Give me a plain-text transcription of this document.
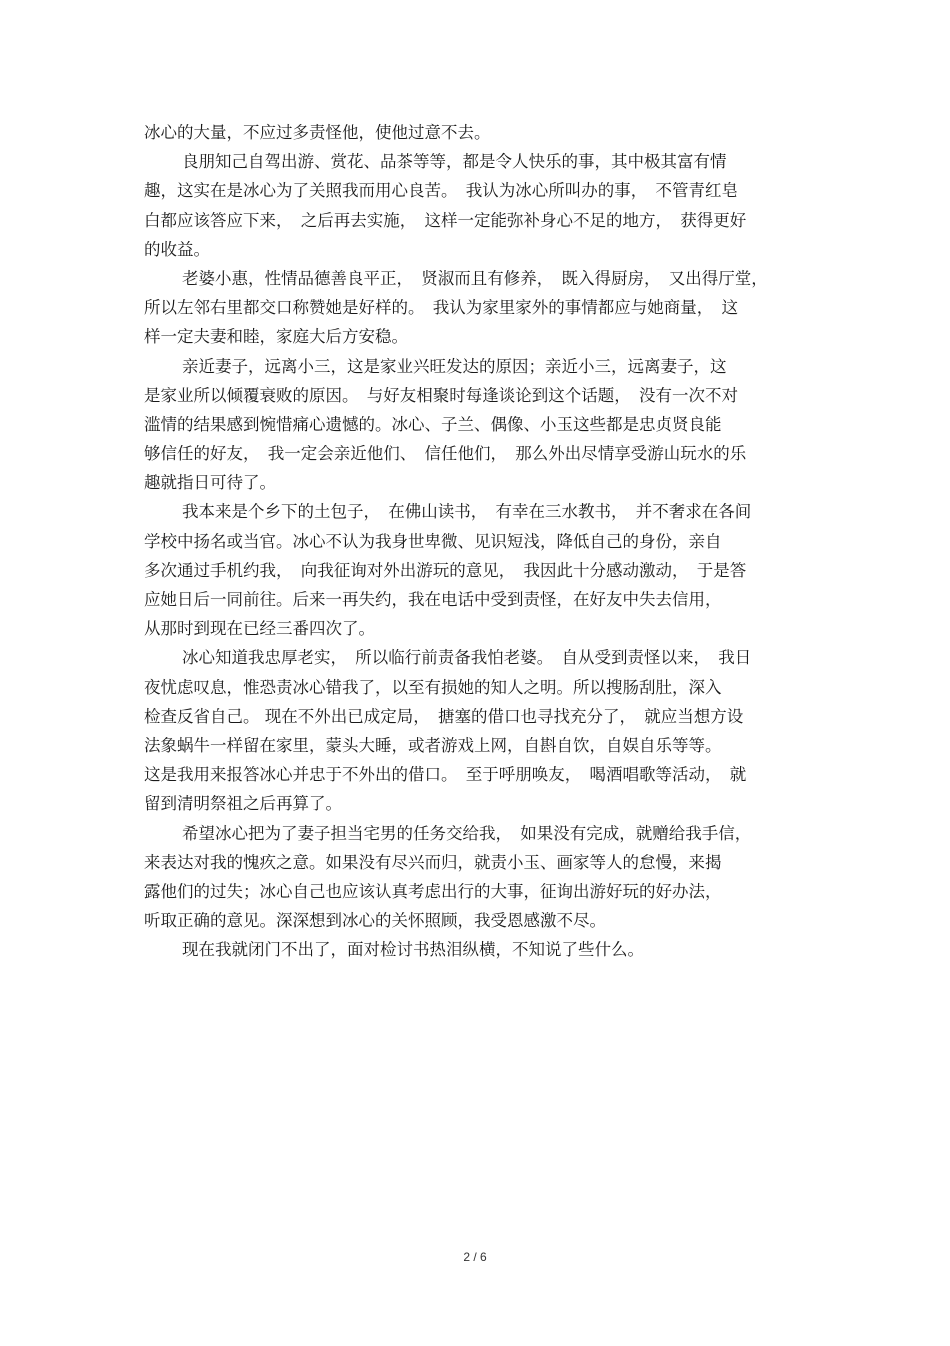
冰心的大量，不应过多责怪他，使他过意不去。
良朋知己自驾出游、赏花、品茶等等，都是令人快乐的事，其中极其富有情
趣，这实在是冰心为了关照我而用心良苦。　我认为冰心所叫办的事，　不管青红皂
白都应该答应下来，　之后再去实施，　这样一定能弥补身心不足的地方，　获得更好
的收益。
老婆小惠，性情品德善良平正，　贤淑而且有修养，　既入得厨房，　又出得厅堂，
所以左邻右里都交口称赞她是好样的。　我认为家里家外的事情都应与她商量，　这
样一定夫妻和睦，家庭大后方安稳。
亲近妻子，远离小三，这是家业兴旺发达的原因；亲近小三，远离妻子，这
是家业所以倾覆衰败的原因。　与好友相聚时每逢谈论到这个话题，　没有一次不对
滥情的结果感到惋惜痛心遗憾的。冰心、子兰、偶像、小玉这些都是忠贞贤良能
够信任的好友，　我一定会亲近他们、　信任他们，　那么外出尽情享受游山玩水的乐
趣就指日可待了。
我本来是个乡下的土包子，　在佛山读书，　有幸在三水教书，　并不奢求在各间
学校中扬名或当官。冰心不认为我身世卑微、见识短浅，降低自己的身份，亲自
多次通过手机约我，　向我征询对外出游玩的意见，　我因此十分感动激动，　于是答
应她日后一同前往。后来一再失约，我在电话中受到责怪，在好友中失去信用，
从那时到现在已经三番四次了。
冰心知道我忠厚老实，　所以临行前责备我怕老婆。　自从受到责怪以来，　我日
夜忧虑叹息，惟恐责冰心错我了，以至有损她的知人之明。所以搜肠刮肚，深入
检查反省自己。 现在不外出已成定局，　搪塞的借口也寻找充分了，　就应当想方设
法象蜗牛一样留在家里，蒙头大睡，或者游戏上网，自斟自饮，自娱自乐等等。
这是我用来报答冰心并忠于不外出的借口。　至于呼朋唤友，　喝酒唱歌等活动，　就
留到清明祭祖之后再算了。
希望冰心把为了妻子担当宅男的任务交给我，　如果没有完成，就赠给我手信，
来表达对我的愧疚之意。如果没有尽兴而归，就责小玉、画家等人的怠慢，来揭
露他们的过失；冰心自己也应该认真考虑出行的大事，征询出游好玩的好办法，
听取正确的意见。深深想到冰心的关怀照顾，我受恩感激不尽。
现在我就闭门不出了，面对检讨书热泪纵横，不知说了些什么。
2 / 6
